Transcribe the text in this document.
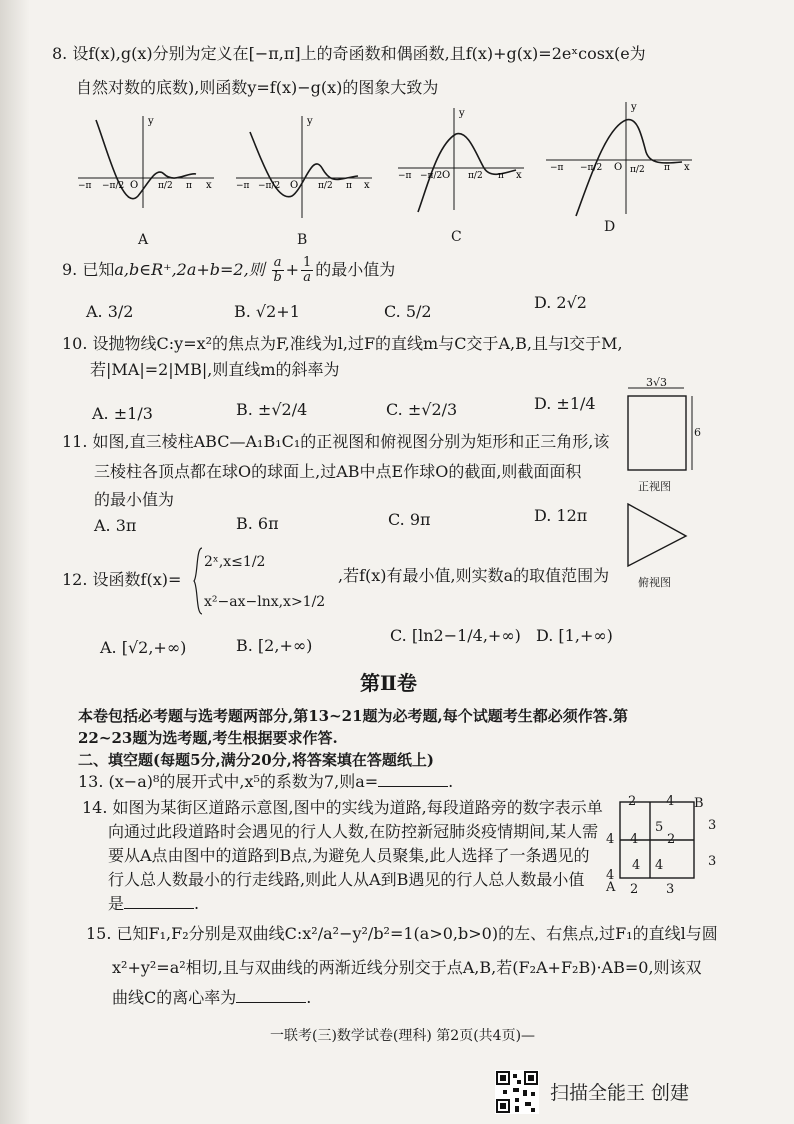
8. 设f(x),g(x)分别为定义在[−π,π]上的奇函数和偶函数,且f(x)+g(x)=2eˣcosx(e为
自然对数的底数),则函数y=f(x)−g(x)的图象大致为
y
x
O
−π −π/2	π/2 π
A
y
x
O
−π −π/2	π/2 π
B
y
x
O
−π −π/2	π/2 π
C
y
x
O
−π −π/2	π/2 π
D
9. 已知a,b∈R⁺,2a+b=2,则 $\frac{a}{b} + \frac{1}{a}$ 的最小值为
A. 3/2	B. √2+1	C. 5/2	D. 2√2
10. 设抛物线C:y=x²的焦点为F,准线为l,过F的直线m与C交于A,B,且与l交于M,
若|MA|=2|MB|,则直线m的斜率为
A. ±1/3	B. ±√2/4	C. ±√2/3	D. ±1/4
3√3
6
正视图
11. 如图,直三棱柱ABC—A₁B₁C₁的正视图和俯视图分别为矩形和正三角形,该
三棱柱各顶点都在球O的球面上,过AB中点E作球O的截面,则截面面积
的最小值为
A. 3π	B. 6π	C. 9π	D. 12π
俯视图
12. 设函数f(x)=
2ˣ,x≤1/2
x²−ax−lnx,x>1/2
,若f(x)有最小值,则实数a的取值范围为
A. [√2,+∞)	B. [2,+∞)
C. [ln2−1/4,+∞) D. [1,+∞)
第Ⅱ卷
本卷包括必考题与选考题两部分,第13~21题为必考题,每个试题考生都必须作答.第
22~23题为选考题,考生根据要求作答.
二、填空题(每题5分,满分20分,将答案填在答题纸上)
13. (x−a)⁸的展开式中,x⁵的系数为7,则a=	.
14. 如图为某街区道路示意图,图中的实线为道路,每段道路旁的数字表示单
向通过此段道路时会遇见的行人人数,在防控新冠肺炎疫情期间,某人需
要从A点由图中的道路到B点,为避免人员聚集,此人选择了一条遇见的
行人总人数最小的行走线路,则此人从A到B遇见的行人总人数最小值
是	.
2 4 B
3
3
4
4
4
5
2
4
A 2 3
4
15. 已知F₁,F₂分别是双曲线C:x²/a²−y²/b²=1(a>0,b>0)的左、右焦点,过F₁的直线l与圆
x²+y²=a²相切,且与双曲线的两渐近线分别交于点A,B,若(F₂A+F₂B)·AB=0,则该双
曲线C的离心率为	.
一联考(三)数学试卷(理科) 第2页(共4页)—
扫描全能王 创建
